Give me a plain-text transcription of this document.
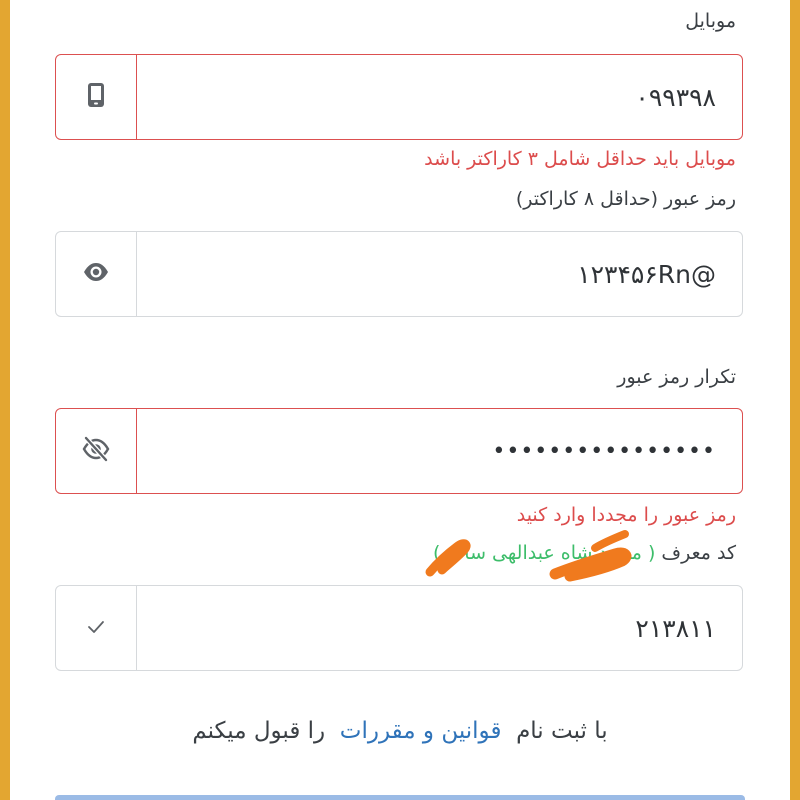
موبایل
۰۹۹۳۹۸
موبایل باید حداقل شامل ۳ کاراکتر باشد
رمز عبور (حداقل ۸ کاراکتر)
۱۲۳۴۵۶Rn@
تکرار رمز عبور
••••••••••••••••
رمز عبور را مجددا وارد کنید
کد معرف ( محمد شاه عبدالهی ساب )
۲۱۳۸۱۱
با ثبت نام  قوانین و مقررات  را قبول میکنم
